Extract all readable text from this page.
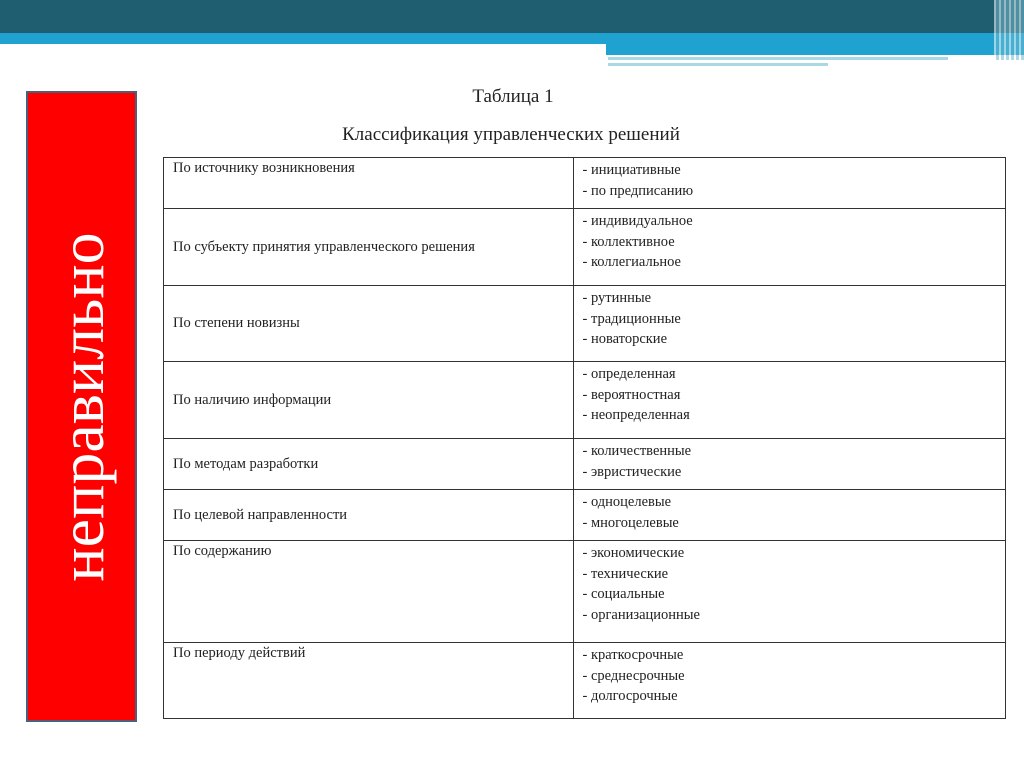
неправильно
Таблица 1
Классификация управленческих решений
По источнику возникновения	- инициативные
- по предписанию

По субъекту принятия управленческого решения	- индивидуальное
- коллективное
- коллегиальное

По степени новизны	- рутинные
- традиционные
- новаторские

По наличию информации	- определенная
- вероятностная
- неопределенная

По методам разработки	- количественные
- эвристические

По целевой направленности	- одноцелевые
- многоцелевые

По содержанию	- экономические
- технические
- социальные
- организационные

По периоду действий	- краткосрочные
- среднесрочные
- долгосрочные
